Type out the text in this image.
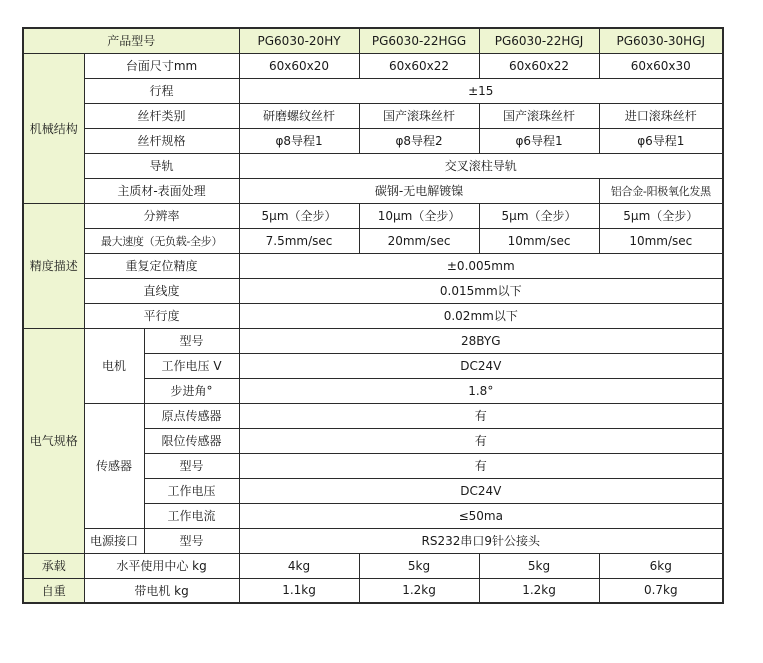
产品型号			PG6030-20HY	PG6030-22HGG	PG6030-22HGJ	PG6030-30HGJ
机械结构	台面尺寸mm		60x60x20	60x60x22	60x60x22	60x60x30
	行程		±15			
	丝杆类别		研磨螺纹丝杆	国产滚珠丝杆	国产滚珠丝杆	进口滚珠丝杆
	丝杆规格		φ8导程1	φ8导程2	φ6导程1	φ6导程1
	导轨		交叉滚柱导轨			
	主质材-表面处理		碳钢-无电解镀镍			铝合金-阳极氧化发黑
精度描述	分辨率		5μm（全步）	10μm（全步）	5μm（全步）	5μm（全步）
	最大速度（无负载-全步）		7.5mm/sec	20mm/sec	10mm/sec	10mm/sec
	重复定位精度		±0.005mm			
	直线度		0.015mm以下			
	平行度		0.02mm以下			
电气规格	电机	型号	28BYG			
		工作电压 V	DC24V			
		步进角°	1.8°			
	传感器	原点传感器	有			
		限位传感器	有			
		型号	有			
		工作电压	DC24V			
		工作电流	≤50ma			
	电源接口	型号	RS232串口9针公接头			
承载	水平使用中心 kg		4kg	5kg	5kg	6kg
自重	带电机 kg		1.1kg	1.2kg	1.2kg	0.7kg
